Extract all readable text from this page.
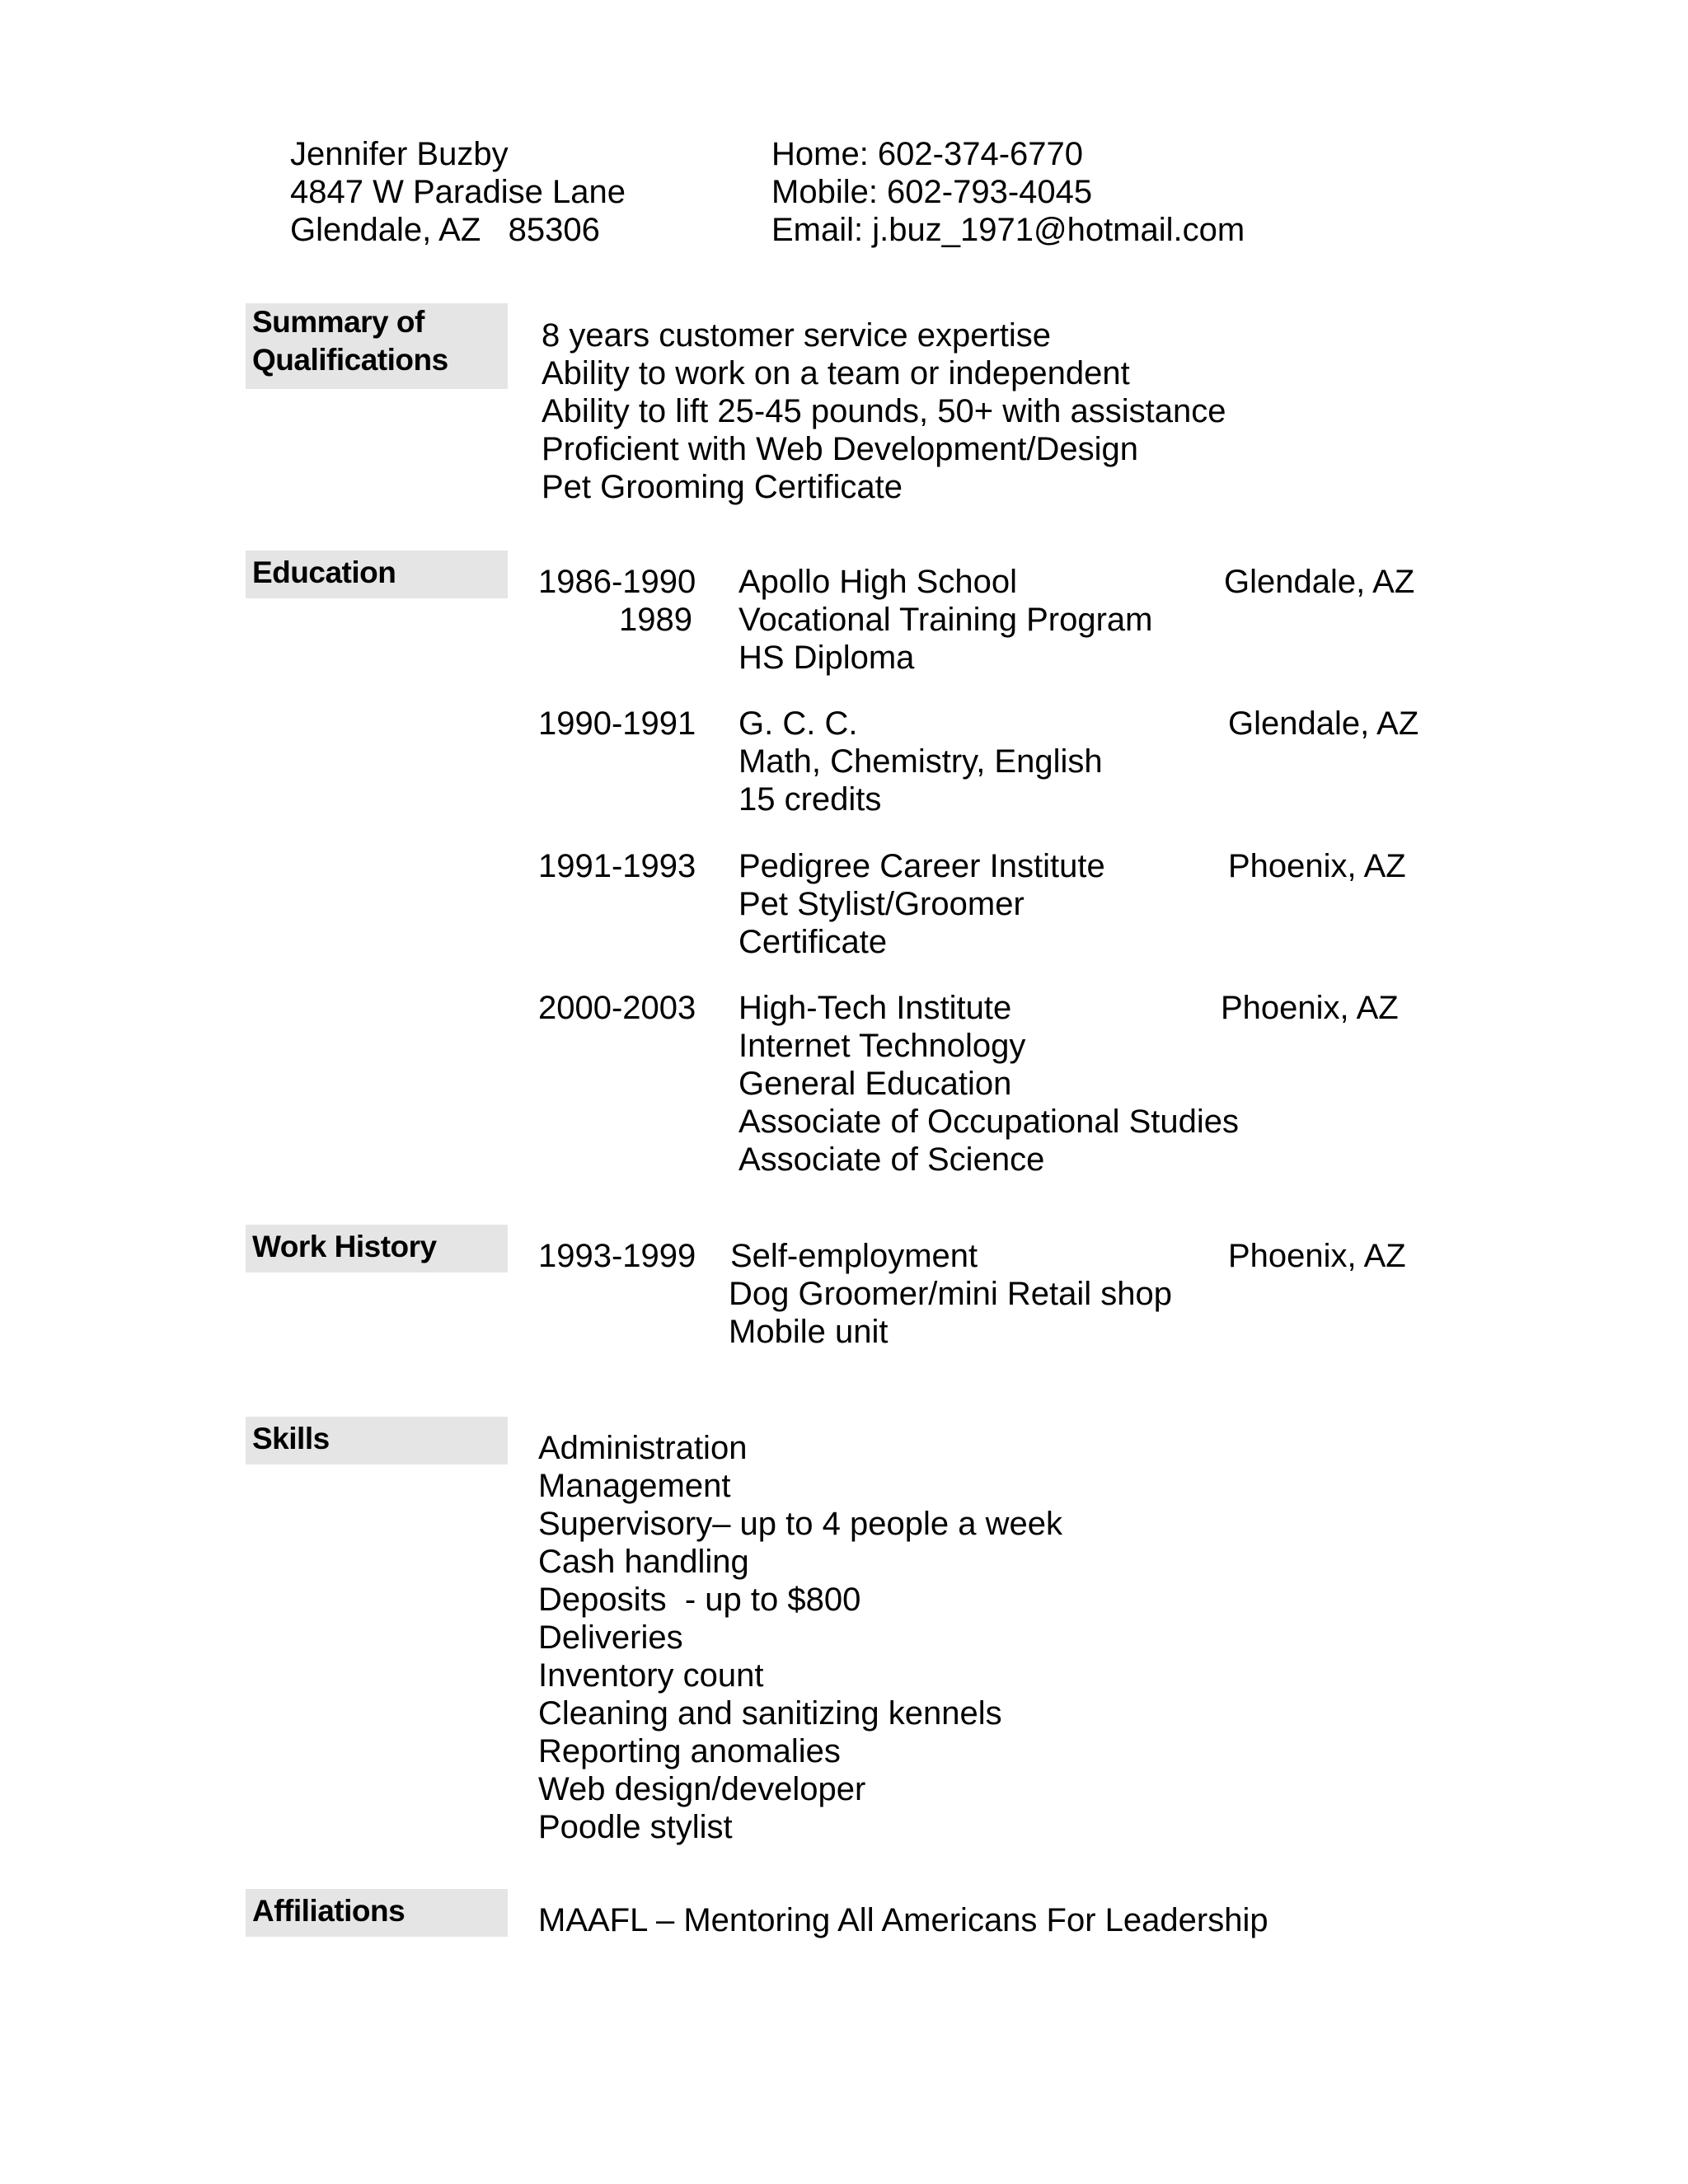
Jennifer Buzby
4847 W Paradise Lane
Glendale, AZ   85306
Home: 602-374-6770
Mobile: 602-793-4045
Email: j.buz_1971@hotmail.com
Summary of
Qualifications
8 years customer service expertise
Ability to work on a team or independent
Ability to lift 25-45 pounds, 50+ with assistance
Proficient with Web Development/Design
Pet Grooming Certificate
Education	1986-1990 Apollo High School	Glendale, AZ
1989 Vocational Training Program
HS Diploma
1990-1991 G. C. C.	Glendale, AZ
Math, Chemistry, English
15 credits
1991-1993 Pedigree Career Institute	Phoenix, AZ
Pet Stylist/Groomer
Certificate
2000-2003 High-Tech Institute	Phoenix, AZ
Internet Technology
General Education
Associate of Occupational Studies
Associate of Science
Work History	1993-1999 Self-employment	Phoenix, AZ
Dog Groomer/mini Retail shop
Mobile unit
Skills	Administration
Management
Supervisory– up to 4 people a week
Cash handling
Deposits  - up to $800
Deliveries
Inventory count
Cleaning and sanitizing kennels
Reporting anomalies
Web design/developer
Poodle stylist
Affiliations	MAAFL – Mentoring All Americans For Leadership
